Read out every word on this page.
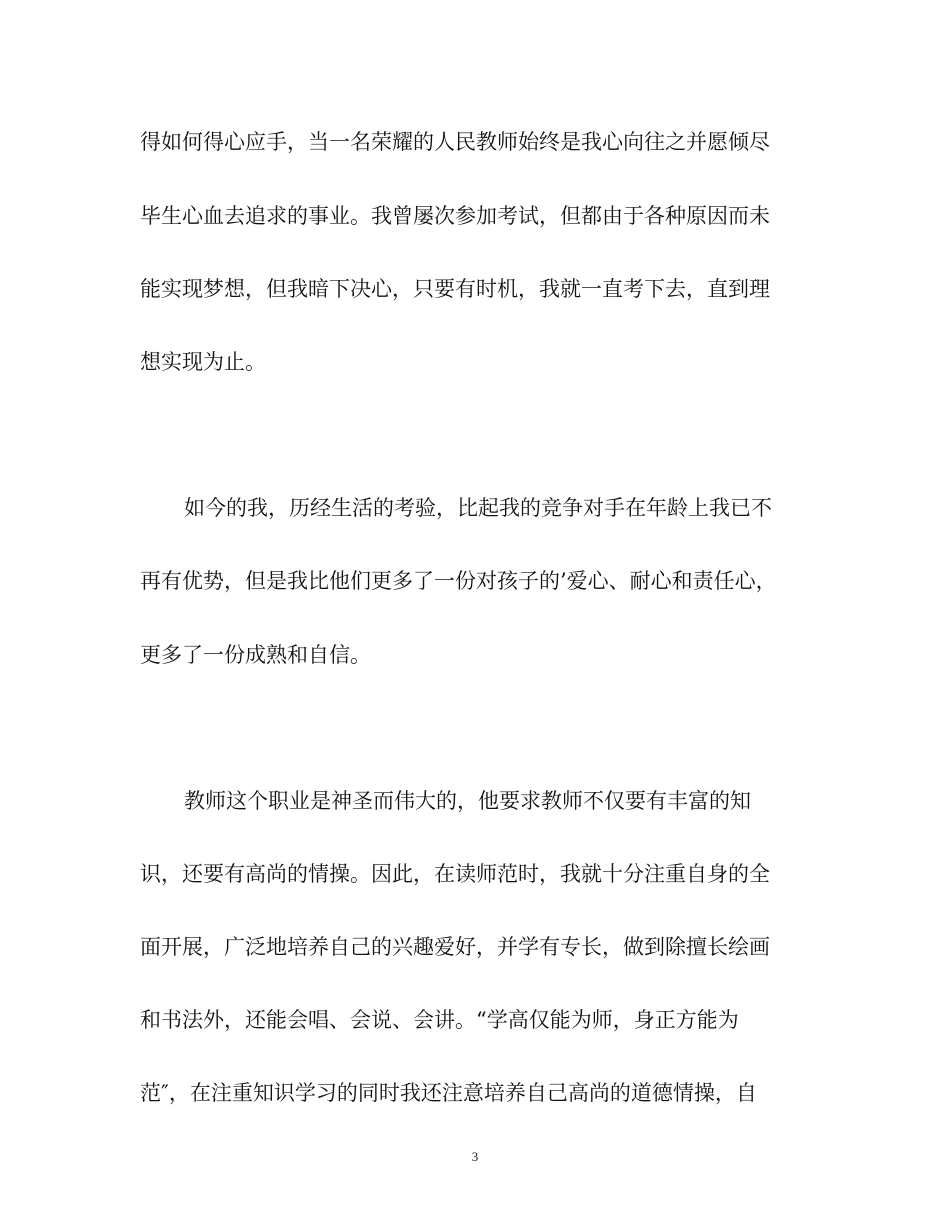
得如何得心应手，当一名荣耀的人民教师始终是我心向往之并愿倾尽
毕生心血去追求的事业。我曾屡次参加考试，但都由于各种原因而未
能实现梦想，但我暗下决心，只要有时机，我就一直考下去，直到理
想实现为止。
如今的我，历经生活的考验，比起我的竞争对手在年龄上我已不
再有优势，但是我比他们更多了一份对孩子的’爱心、耐心和责任心，
更多了一份成熟和自信。
教师这个职业是神圣而伟大的，他要求教师不仅要有丰富的知
识，还要有高尚的情操。因此，在读师范时，我就十分注重自身的全
面开展，广泛地培养自己的兴趣爱好，并学有专长，做到除擅长绘画
和书法外，还能会唱、会说、会讲。“学高仅能为师，身正方能为
范″，在注重知识学习的同时我还注意培养自己高尚的道德情操，自
3
